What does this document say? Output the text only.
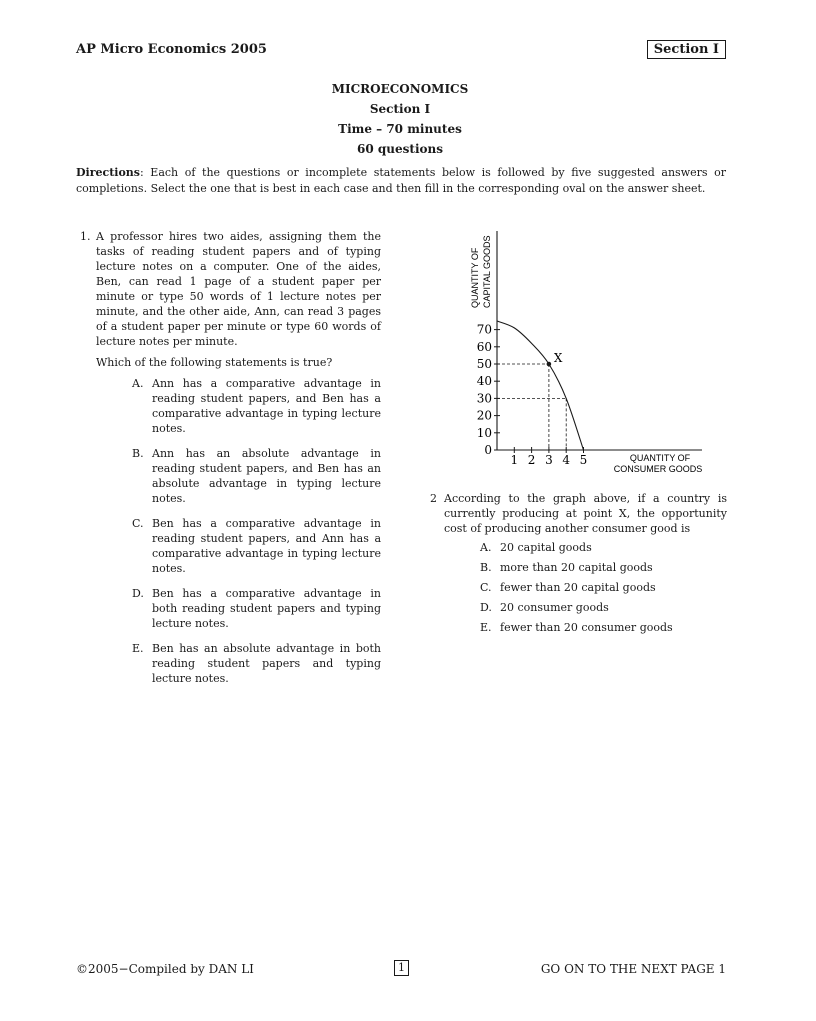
AP Micro Economics 2005	Section I
MICROECONOMICS
Section I
Time – 70 minutes
60 questions
Directions: Each of the questions or incomplete statements below is followed by five suggested answers or completions. Select the one that is best in each case and then fill in the corresponding oval on the answer sheet.
1. A professor hires two aides, assigning them the tasks of reading student papers and of typing lecture notes on a computer. One of the aides, Ben, can read 1 page of a student paper per minute or type 50 words of 1 lecture notes per minute, and the other aide, Ann, can read 3 pages of a student paper per minute or type 60 words of lecture notes per minute.
Which of the following statements is true?
A. Ann has a comparative advantage in reading student papers, and Ben has a comparative advantage in typing lecture notes.
B. Ann has an absolute advantage in reading student papers, and Ben has an absolute advantage in typing lecture notes.
C. Ben has a comparative advantage in reading student papers, and Ann has a comparative advantage in typing lecture notes.
D. Ben has a comparative advantage in both reading student papers and typing lecture notes.
E. Ben has an absolute advantage in both reading student papers and typing lecture notes.
QUANTITY OF CAPITAL GOODS
QUANTITY OF
CONSUMER GOODS
0
10
20
30
40
50
60
70
1 2 3 4 5
X
2 According to the graph above, if a country is currently producing at point X, the opportunity cost of producing another consumer good is
A. 20 capital goods
B. more than 20 capital goods
C. fewer than 20 capital goods
D. 20 consumer goods
E. fewer than 20 consumer goods
©2005−Compiled by DAN LI	1	GO ON TO THE NEXT PAGE 1
